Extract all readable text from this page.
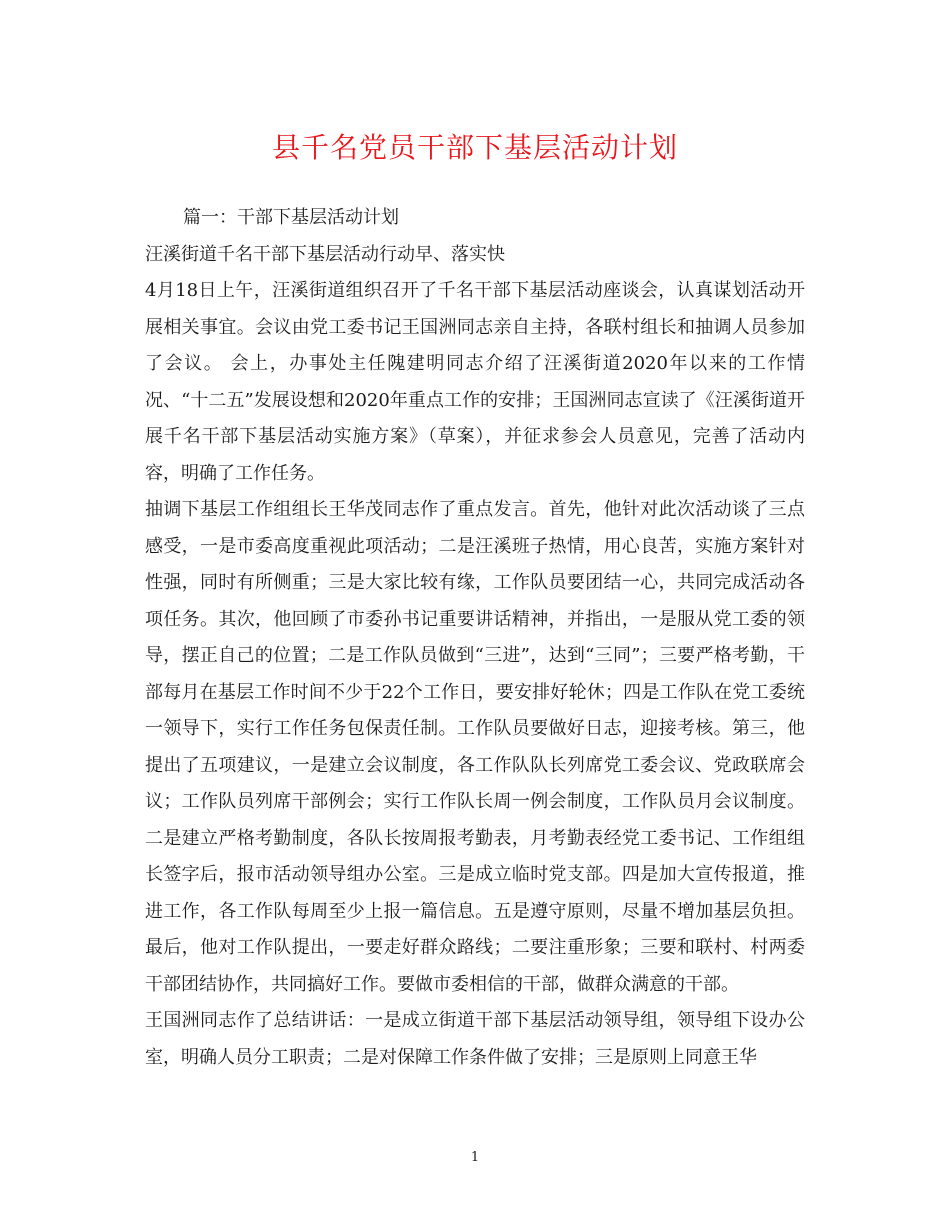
县千名党员干部下基层活动计划

篇一：干部下基层活动计划

汪溪街道千名干部下基层活动行动早、落实快

4月18日上午，汪溪街道组织召开了千名干部下基层活动座谈会，认真谋划活动开展相关事宜。会议由党工委书记王国洲同志亲自主持，各联村组长和抽调人员参加了会议。 会上，办事处主任隗建明同志介绍了汪溪街道2020年以来的工作情况、“十二五”发展设想和2020年重点工作的安排；王国洲同志宣读了《汪溪街道开展千名干部下基层活动实施方案》（草案），并征求参会人员意见，完善了活动内容，明确了工作任务。

抽调下基层工作组组长王华茂同志作了重点发言。首先，他针对此次活动谈了三点感受，一是市委高度重视此项活动；二是汪溪班子热情，用心良苦，实施方案针对性强，同时有所侧重；三是大家比较有缘，工作队员要团结一心，共同完成活动各项任务。其次，他回顾了市委孙书记重要讲话精神，并指出，一是服从党工委的领导，摆正自己的位置；二是工作队员做到“三进”，达到“三同”；三要严格考勤，干部每月在基层工作时间不少于22个工作日，要安排好轮休；四是工作队在党工委统一领导下，实行工作任务包保责任制。工作队员要做好日志，迎接考核。第三，他提出了五项建议，一是建立会议制度，各工作队队长列席党工委会议、党政联席会议；工作队员列席干部例会；实行工作队长周一例会制度，工作队员月会议制度。二是建立严格考勤制度，各队长按周报考勤表，月考勤表经党工委书记、工作组组长签字后，报市活动领导组办公室。三是成立临时党支部。四是加大宣传报道，推进工作，各工作队每周至少上报一篇信息。五是遵守原则，尽量不增加基层负担。最后，他对工作队提出，一要走好群众路线；二要注重形象；三要和联村、村两委干部团结协作，共同搞好工作。要做市委相信的干部，做群众满意的干部。

王国洲同志作了总结讲话：一是成立街道干部下基层活动领导组，领导组下设办公室，明确人员分工职责；二是对保障工作条件做了安排；三是原则上同意王华

1
